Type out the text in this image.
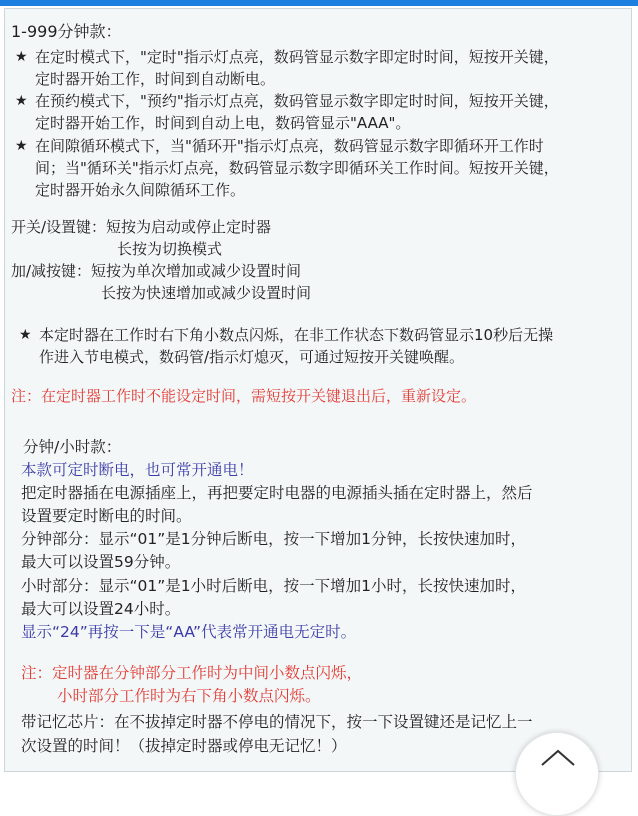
1-999分钟款：
★ 在定时模式下，"定时"指示灯点亮，数码管显示数字即定时时间，短按开关键，
定时器开始工作，时间到自动断电。
★ 在预约模式下，"预约"指示灯点亮，数码管显示数字即定时时间，短按开关键，
定时器开始工作，时间到自动上电，数码管显示"AAA"。
★ 在间隙循环模式下，当"循环开"指示灯点亮，数码管显示数字即循环开工作时
间；当"循环关"指示灯点亮，数码管显示数字即循环关工作时间。短按开关键，
定时器开始永久间隙循环工作。
开关/设置键：短按为启动或停止定时器
长按为切换模式
加/减按键：短按为单次增加或减少设置时间
长按为快速增加或减少设置时间
★ 本定时器在工作时右下角小数点闪烁，在非工作状态下数码管显示10秒后无操
作进入节电模式，数码管/指示灯熄灭，可通过短按开关键唤醒。
注：在定时器工作时不能设定时间，需短按开关键退出后，重新设定。
分钟/小时款：
本款可定时断电，也可常开通电！
把定时器插在电源插座上，再把要定时电器的电源插头插在定时器上，然后
设置要定时断电的时间。
分钟部分：显示“01”是1分钟后断电，按一下增加1分钟，长按快速加时，
最大可以设置59分钟。
小时部分：显示“01”是1小时后断电，按一下增加1小时，长按快速加时，
最大可以设置24小时。
显示“24”再按一下是“AA”代表常开通电无定时。
注：定时器在分钟部分工作时为中间小数点闪烁，
小时部分工作时为右下角小数点闪烁。
带记忆芯片：在不拔掉定时器不停电的情况下，按一下设置键还是记忆上一
次设置的时间！（拔掉定时器或停电无记忆！）
